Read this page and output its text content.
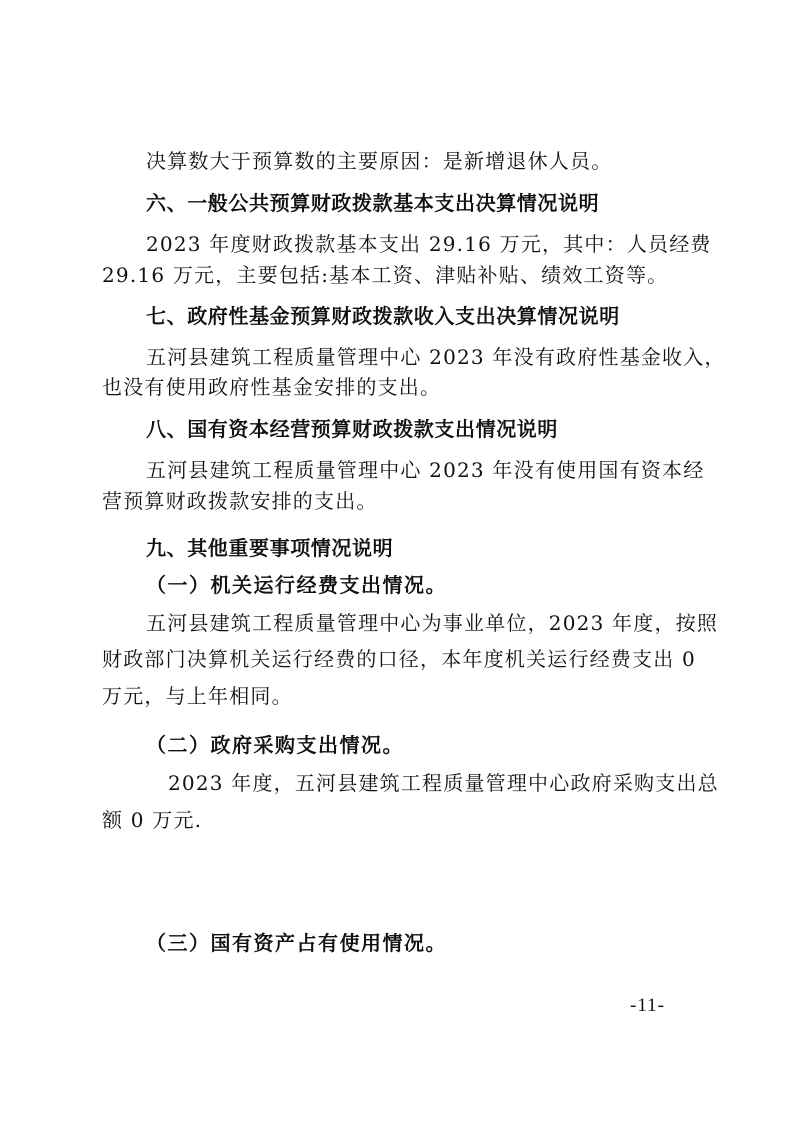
决算数大于预算数的主要原因：是新增退休人员。
六、一般公共预算财政拨款基本支出决算情况说明
2023 年度财政拨款基本支出 29.16 万元，其中：人员经费
29.16 万元，主要包括:基本工资、津贴补贴、绩效工资等。
七、政府性基金预算财政拨款收入支出决算情况说明
五河县建筑工程质量管理中心 2023 年没有政府性基金收入，
也没有使用政府性基金安排的支出。
八、国有资本经营预算财政拨款支出情况说明
五河县建筑工程质量管理中心 2023 年没有使用国有资本经
营预算财政拨款安排的支出。
九、其他重要事项情况说明
（一）机关运行经费支出情况。
五河县建筑工程质量管理中心为事业单位，2023 年度，按照
财政部门决算机关运行经费的口径，本年度机关运行经费支出 0
万元，与上年相同。
（二）政府采购支出情况。
2023 年度，五河县建筑工程质量管理中心政府采购支出总
额 0 万元.
（三）国有资产占有使用情况。
-11-
